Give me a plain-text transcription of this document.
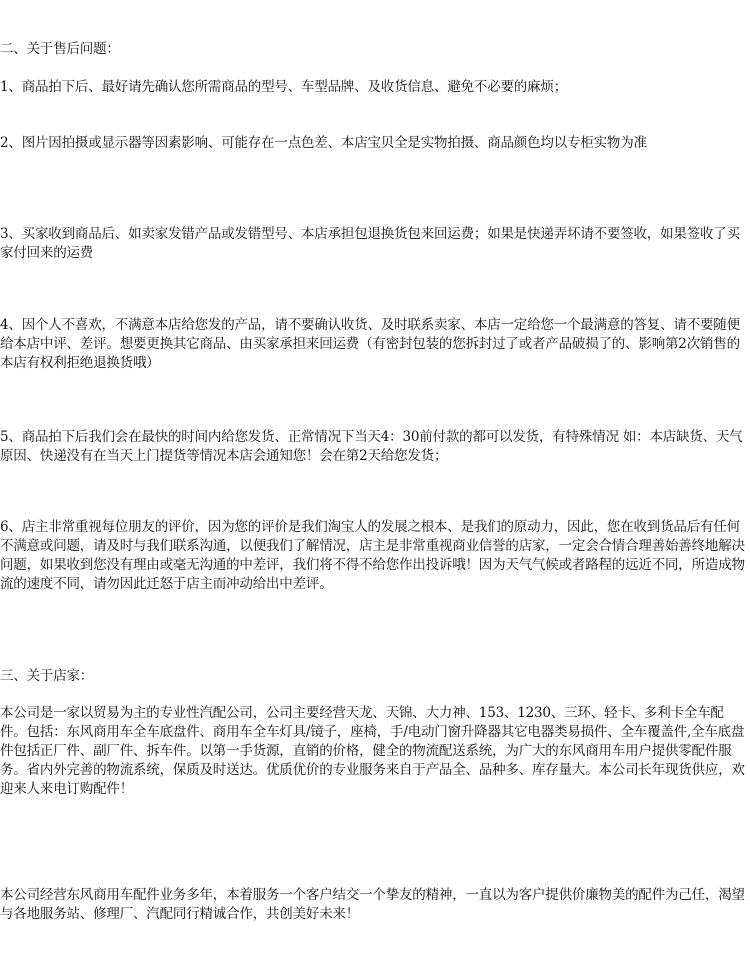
二、关于售后问题：

1、商品拍下后、最好请先确认您所需商品的型号、车型品牌、及收货信息、避免不必要的麻烦；

2、图片因拍摄或显示器等因素影响、可能存在一点色差、本店宝贝全是实物拍摄、商品颜色均以专柜实物为准

3、买家收到商品后、如卖家发错产品或发错型号、本店承担包退换货包来回运费；如果是快递弄坏请不要签收，如果签收了买家付回来的运费

4、因个人不喜欢，不满意本店给您发的产品，请不要确认收货、及时联系卖家、本店一定给您一个最满意的答复、请不要随便给本店中评、差评。想要更换其它商品、由买家承担来回运费（有密封包装的您拆封过了或者产品破损了的、影响第2次销售的本店有权利拒绝退换货哦）

5、商品拍下后我们会在最快的时间内给您发货、正常情况下当天4：30前付款的都可以发货，有特殊情况 如：本店缺货、天气原因、快递没有在当天上门提货等情况本店会通知您！会在第2天给您发货；

6、店主非常重视每位朋友的评价，因为您的评价是我们淘宝人的发展之根本、是我们的原动力，因此，您在收到货品后有任何不满意或问题，请及时与我们联系沟通，以便我们了解情况，店主是非常重视商业信誉的店家，一定会合情合理善始善终地解决问题，如果收到您没有理由或毫无沟通的中差评，我们将不得不给您作出投诉哦！因为天气气候或者路程的远近不同，所造成物流的速度不同，请勿因此迁怒于店主而冲动给出中差评。

三、关于店家：

本公司是一家以贸易为主的专业性汽配公司，公司主要经营天龙、天锦、大力神、153、1230、三环、轻卡、多利卡全车配件。包括：东风商用车全车底盘件、商用车全车灯具/镜子，座椅，手/电动门窗升降器其它电器类易损件、全车覆盖件,全车底盘件包括正厂件、副厂件、拆车件。以第一手货源，直销的价格，健全的物流配送系统，为广大的东风商用车用户提供零配件服务。省内外完善的物流系统，保质及时送达。优质优价的专业服务来自于产品全、品种多、库存量大。本公司长年现货供应，欢迎来人来电订购配件！

本公司经营东风商用车配件业务多年，本着服务一个客户结交一个挚友的精神，一直以为客户提供价廉物美的配件为己任，渴望与各地服务站、修理厂、汽配同行精诚合作，共创美好未来！
